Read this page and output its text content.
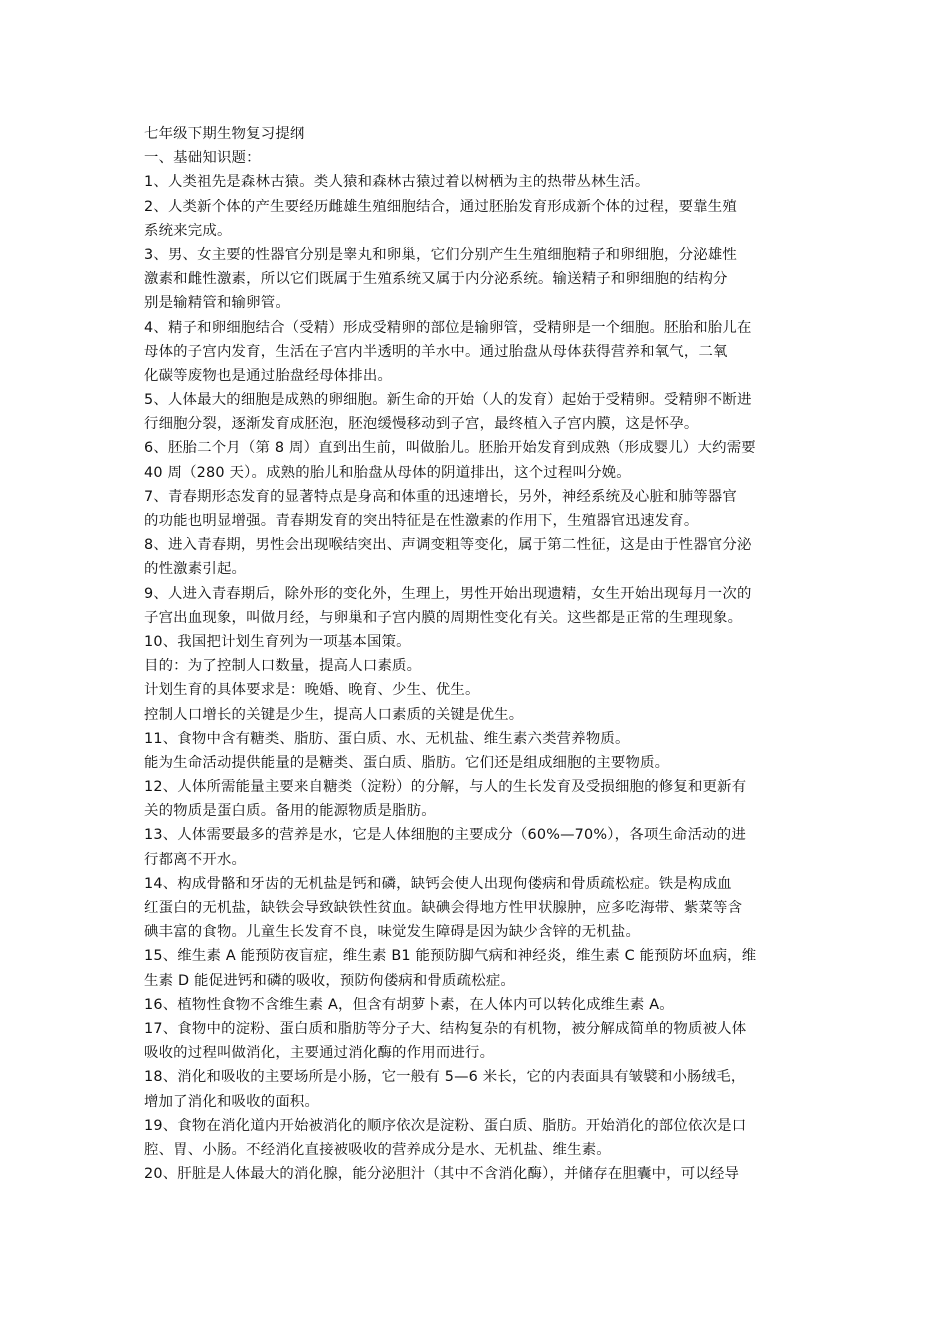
七年级下期生物复习提纲
一、基础知识题：
1、人类祖先是森林古猿。类人猿和森林古猿过着以树栖为主的热带丛林生活。
2、人类新个体的产生要经历雌雄生殖细胞结合，通过胚胎发育形成新个体的过程，要靠生殖
系统来完成。
3、男、女主要的性器官分别是睾丸和卵巢，它们分别产生生殖细胞精子和卵细胞，分泌雄性
激素和雌性激素，所以它们既属于生殖系统又属于内分泌系统。输送精子和卵细胞的结构分
别是输精管和输卵管。
4、精子和卵细胞结合（受精）形成受精卵的部位是输卵管，受精卵是一个细胞。胚胎和胎儿在
母体的子宫内发育，生活在子宫内半透明的羊水中。通过胎盘从母体获得营养和氧气，二氧
化碳等废物也是通过胎盘经母体排出。
5、人体最大的细胞是成熟的卵细胞。新生命的开始（人的发育）起始于受精卵。受精卵不断进
行细胞分裂，逐渐发育成胚泡，胚泡缓慢移动到子宫，最终植入子宫内膜，这是怀孕。
6、胚胎二个月（第 8 周）直到出生前，叫做胎儿。胚胎开始发育到成熟（形成婴儿）大约需要
40 周（280 天）。成熟的胎儿和胎盘从母体的阴道排出，这个过程叫分娩。
7、青春期形态发育的显著特点是身高和体重的迅速增长，另外，神经系统及心脏和肺等器官
的功能也明显增强。青春期发育的突出特征是在性激素的作用下，生殖器官迅速发育。
8、进入青春期，男性会出现喉结突出、声调变粗等变化，属于第二性征，这是由于性器官分泌
的性激素引起。
9、人进入青春期后，除外形的变化外，生理上，男性开始出现遗精，女生开始出现每月一次的
子宫出血现象，叫做月经，与卵巢和子宫内膜的周期性变化有关。这些都是正常的生理现象。
10、我国把计划生育列为一项基本国策。
目的：为了控制人口数量，提高人口素质。
计划生育的具体要求是：晚婚、晚育、少生、优生。
控制人口增长的关键是少生，提高人口素质的关键是优生。
11、食物中含有糖类、脂肪、蛋白质、水、无机盐、维生素六类营养物质。
能为生命活动提供能量的是糖类、蛋白质、脂肪。它们还是组成细胞的主要物质。
12、人体所需能量主要来自糖类（淀粉）的分解，与人的生长发育及受损细胞的修复和更新有
关的物质是蛋白质。备用的能源物质是脂肪。
13、人体需要最多的营养是水，它是人体细胞的主要成分（60%—70%），各项生命活动的进
行都离不开水。
14、构成骨骼和牙齿的无机盐是钙和磷，缺钙会使人出现佝偻病和骨质疏松症。铁是构成血
红蛋白的无机盐，缺铁会导致缺铁性贫血。缺碘会得地方性甲状腺肿，应多吃海带、紫菜等含
碘丰富的食物。儿童生长发育不良，味觉发生障碍是因为缺少含锌的无机盐。
15、维生素 A 能预防夜盲症，维生素 B1 能预防脚气病和神经炎，维生素 C 能预防坏血病，维
生素 D 能促进钙和磷的吸收，预防佝偻病和骨质疏松症。
16、植物性食物不含维生素 A，但含有胡萝卜素，在人体内可以转化成维生素 A。
17、食物中的淀粉、蛋白质和脂肪等分子大、结构复杂的有机物，被分解成简单的物质被人体
吸收的过程叫做消化，主要通过消化酶的作用而进行。
18、消化和吸收的主要场所是小肠，它一般有 5—6 米长，它的内表面具有皱襞和小肠绒毛，
增加了消化和吸收的面积。
19、食物在消化道内开始被消化的顺序依次是淀粉、蛋白质、脂肪。开始消化的部位依次是口
腔、胃、小肠。不经消化直接被吸收的营养成分是水、无机盐、维生素。
20、肝脏是人体最大的消化腺，能分泌胆汁（其中不含消化酶），并储存在胆囊中，可以经导
